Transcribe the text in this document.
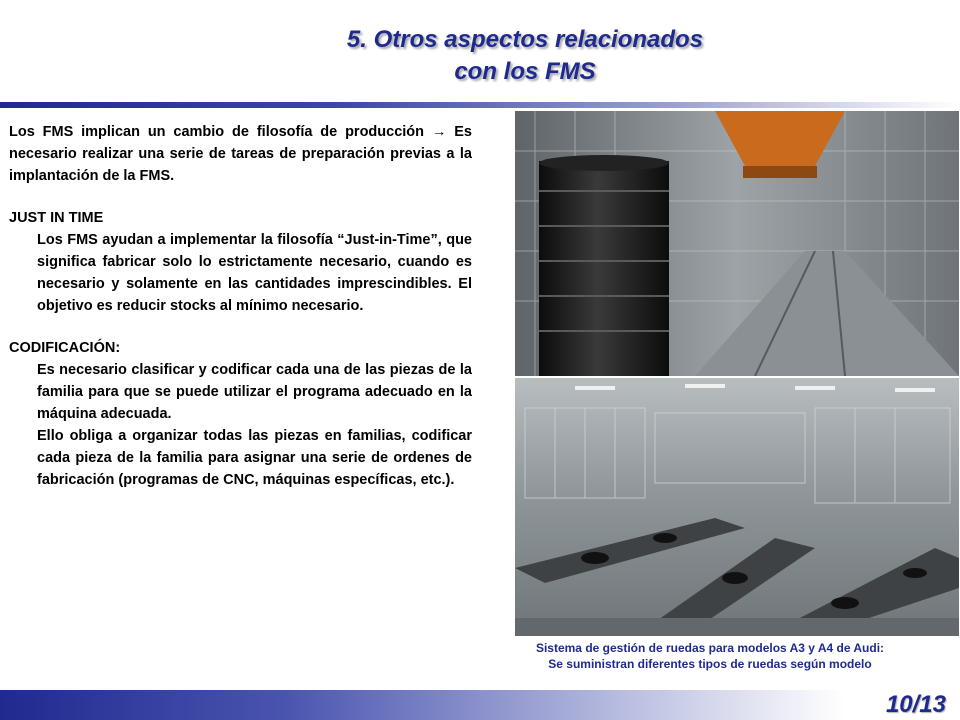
5. Otros aspectos relacionados
con los FMS

Los FMS implican un cambio de filosofía de producción → Es necesario realizar una serie de tareas de preparación previas a la implantación de la FMS.

JUST IN TIME

Los FMS ayudan a implementar la filosofía “Just-in-Time”, que significa fabricar solo lo estrictamente necesario, cuando es necesario y solamente en las cantidades imprescindibles. El objetivo es reducir stocks al mínimo necesario.

CODIFICACIÓN:

Es necesario clasificar y codificar cada una de las piezas de la familia para que se puede utilizar el programa adecuado en la máquina adecuada.

Ello obliga a organizar todas las piezas en familias, codificar cada pieza de la familia para asignar una serie de ordenes de fabricación (programas de CNC, máquinas específicas, etc.).

Sistema de gestión de ruedas para modelos A3 y A4 de Audi:
Se suministran diferentes tipos de ruedas según modelo
10/13
